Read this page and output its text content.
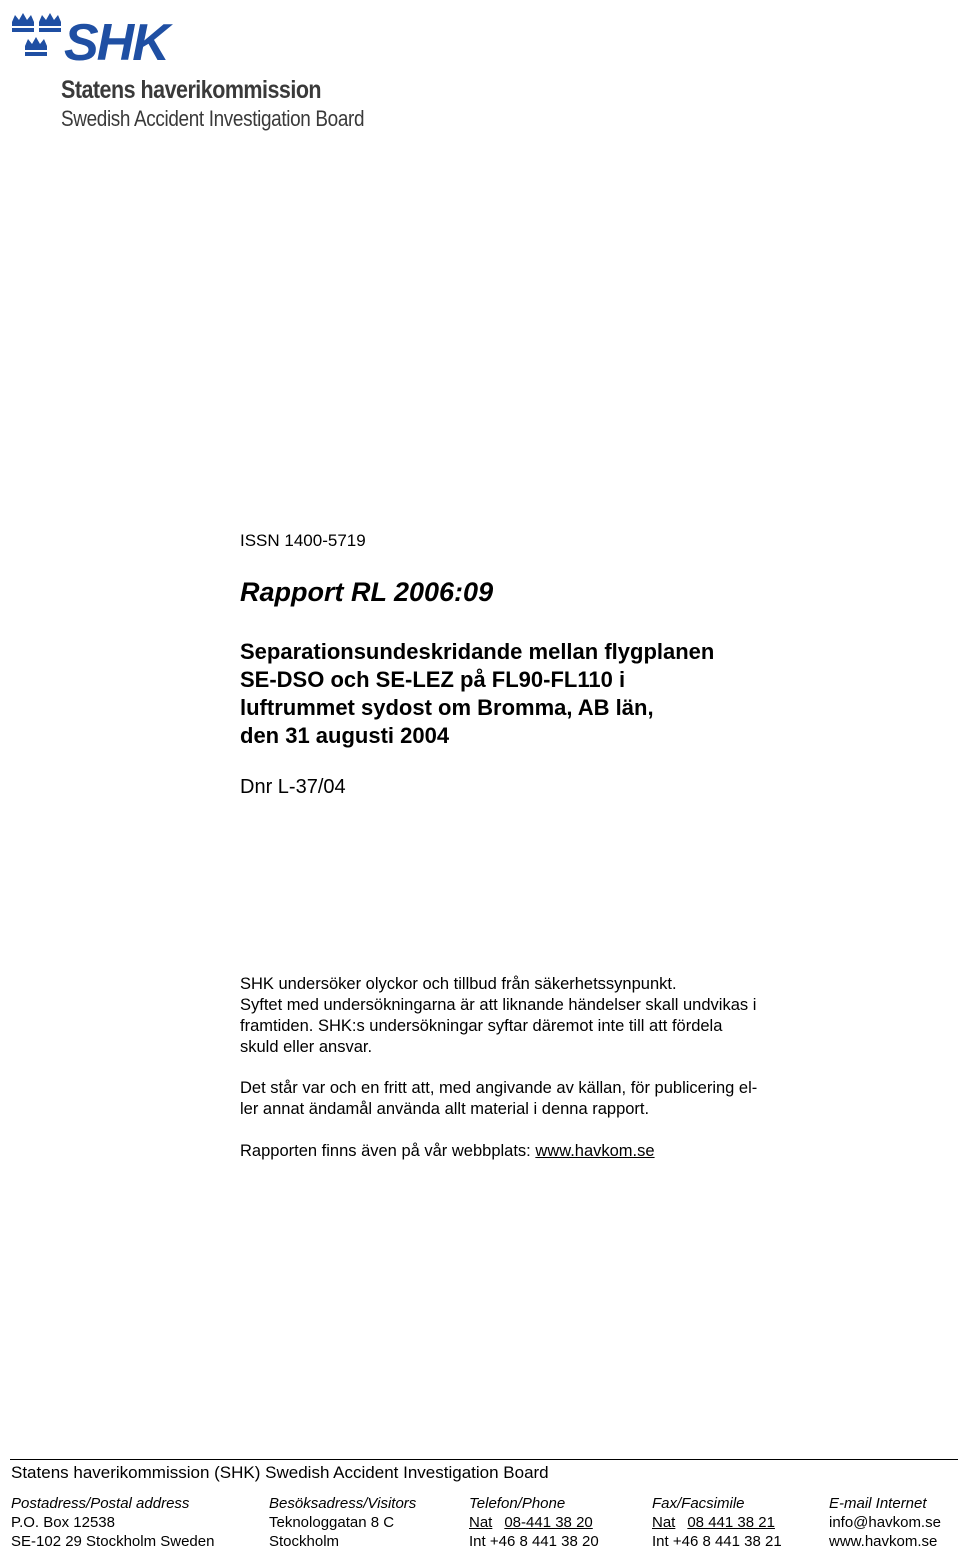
SHK
Statens haverikommission
Swedish Accident Investigation Board
ISSN 1400-5719
Rapport RL 2006:09
Separationsundeskridande mellan flygplanen
SE-DSO och SE-LEZ på FL90-FL110 i
luftrummet sydost om Bromma, AB län,
den 31 augusti 2004
Dnr L-37/04
SHK undersöker olyckor och tillbud från säkerhetssynpunkt.
Syftet med undersökningarna är att liknande händelser skall undvikas i
framtiden. SHK:s undersökningar syftar däremot inte till att fördela
skuld eller ansvar.
Det står var och en fritt att, med angivande av källan, för publicering el-
ler annat ändamål använda allt material i denna rapport.
Rapporten finns även på vår webbplats: www.havkom.se
Statens haverikommission (SHK) Swedish Accident Investigation Board
Postadress/Postal address
P.O. Box 12538
SE-102 29 Stockholm Sweden
Besöksadress/Visitors
Teknologgatan 8 C
Stockholm
Telefon/Phone
Nat 08-441 38 20
Int +46 8 441 38 20
Fax/Facsimile
Nat 08 441 38 21
Int +46 8 441 38 21
E-mail Internet
info@havkom.se
www.havkom.se
